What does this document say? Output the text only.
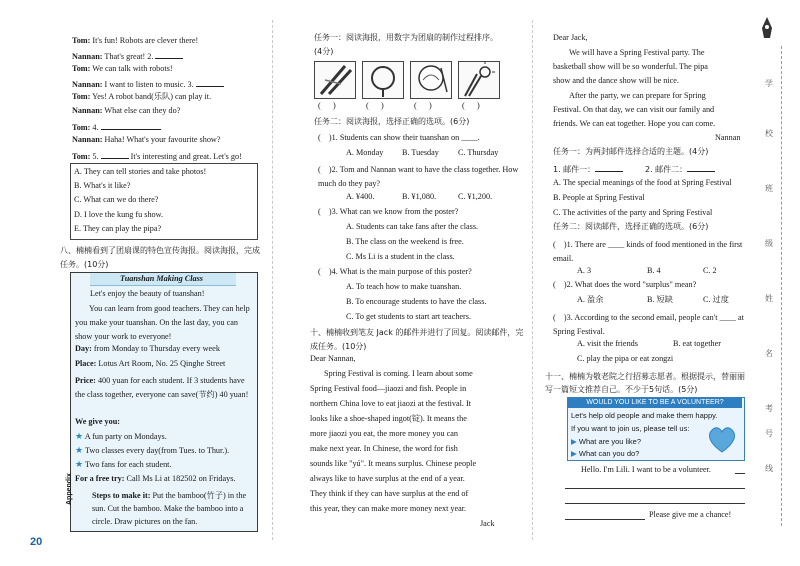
Tom: It's fun! Robots are clever there!
Nannan: That's great! 2.
Tom: We can talk with robots!
Nannan: I want to listen to music. 3.
Tom: Yes! A robot band(乐队) can play it.
Nannan: What else can they do?
Tom: 4.
Nannan: Haha! What's your favourite show?
Tom: 5.	It's interesting and great. Let's go!
A. They can tell stories and take photos!
B. What's it like?
C. What can we do there?
D. I love the kung fu show.
E. They can play the pipa?
八、楠楠看到了团扇课的特色宣传海报。阅读海报，完成任务。(10分)
Tuanshan Making Class
Let's enjoy the beauty of tuanshan!
You can learn from good teachers. They can help you make your tuanshan. On the last day, you can show your work to everyone!
Day: from Monday to Thursday every week
Place: Lotus Art Room, No. 25 Qinghe Street
Price: 400 yuan for each student. If 3 students have the class together, everyone can save(节约) 40 yuan!
We give you:
★ A fun party on Mondays.
★ Two classes every day(from Tues. to Thur.).
★ Two fans for each student.
For a free try: Call Ms Li at 182502 on Fridays.
Appendix Steps to make it: Put the bamboo(竹子) in the sun. Cut the bamboo. Make the bamboo into a circle. Draw pictures on the fan.
20
任务一：阅读海报，用数字为团扇的制作过程排序。
(4分)
( )	( )	( )	( )
任务二：阅读海报，选择正确的选项。(6分)
(    )1. Students can show their tuanshan on ____.
A. Monday B. Tuesday C. Thursday
(    )2. Tom and Nannan want to have the class together. How much do they pay?
A. ¥400.	B. ¥1,080.	C. ¥1,200.
(    )3. What can we know from the poster?
A. Students can take fans after the class.
B. The class on the weekend is free.
C. Ms Li is a student in the class.
(    )4. What is the main purpose of this poster?
A. To teach how to make tuanshan.
B. To encourage students to have the class.
C. To get students to start art teachers.
十、楠楠收到笔友 Jack 的邮件并进行了回复。阅读邮件，完成任务。(10分)
Dear Nannan,
Spring Festival is coming. I learn about some
Spring Festival food—jiaozi and fish. People in
northern China love to eat jiaozi at the festival. It
looks like a shoe-shaped ingot(锭). It means the
more jiaozi you eat, the more money you can
make next year. In Chinese, the word for fish
sounds like "yú". It means surplus. Chinese people
always like to have surplus at the end of a year.
They think if they can have surplus at the end of
this year, they can make more money next year.
Jack
Dear Jack,
We will have a Spring Festival party. The
basketball show will be so wonderful. The pipa
show and the dance show will be nice.
After the party, we can prepare for Spring
Festival. On that day, we can visit our family and
friends. We can eat together. Hope you can come.
Nannan
任务一：为两封邮件选择合适的主题。(4分)
1. 邮件一：	2. 邮件二：
A. The special meanings of the food at Spring Festival
B. People at Spring Festival
C. The activities of the party and Spring Festival
任务二：阅读邮件，选择正确的选项。(6分)
(    )1. There are ____ kinds of food mentioned in the first email.
A. 3	B. 4	C. 2
(    )2. What does the word "surplus" mean?
A. 盈余	B. 短缺	C. 过度
(    )3. According to the second email, people can't ____ at Spring Festival.
A. visit the friends	B. eat together
C. play the pipa or eat zongzi
十一、楠楠为敬老院之行招募志愿者。根据提示，替丽丽写一篇短文推荐自己。不少于5句话。(5分)
WOULD YOU LIKE TO BE A VOLUNTEER?
Let's help old people and make them happy.
If you want to join us, please tell us:
▶ What are you like?
▶ What can you do?
Hello. I'm Lili. I want to be a volunteer.
Please give me a chance!
学
校
班
级
姓
名
考
号
线
